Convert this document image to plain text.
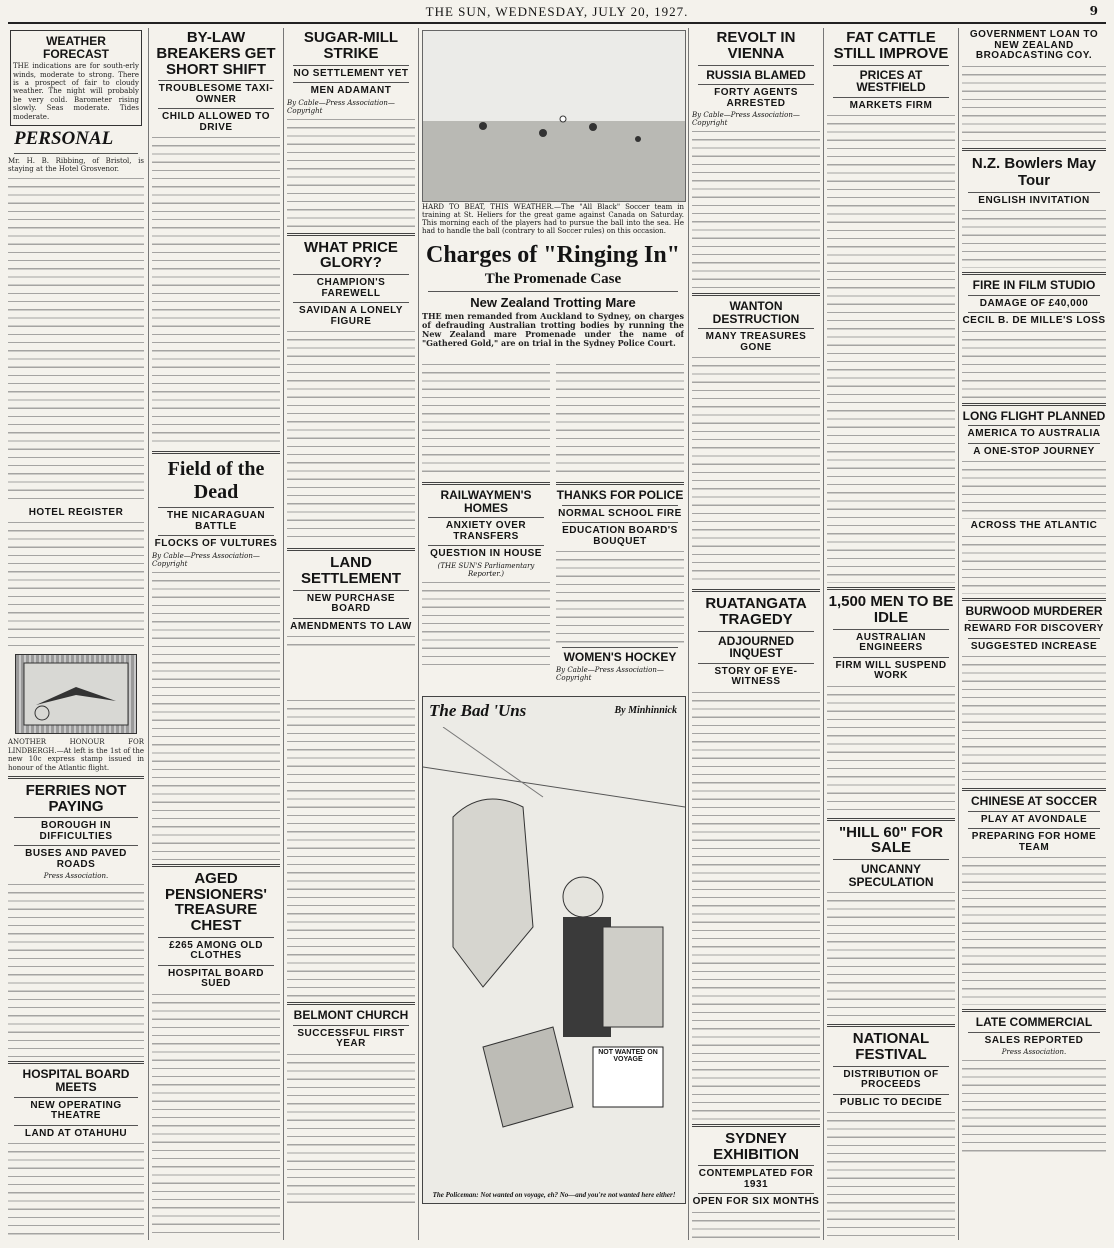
THE SUN, WEDNESDAY, JULY 20, 1927.	9
WEATHER FORECAST
THE indications are for south-erly winds, moderate to strong. There is a prospect of fair to cloudy weather. The night will probably be very cold. Barometer rising slowly. Seas moderate. Tides moderate.
PERSONAL
Mr. H. B. Ribbing, of Bristol, is staying at the Hotel Grosvenor.
HOTEL REGISTER
ANOTHER HONOUR FOR LINDBERGH.—At left is the 1st of the new 10c express stamp issued in honour of the Atlantic flight.
FERRIES NOT PAYING
BOROUGH IN DIFFICULTIES
BUSES AND PAVED ROADS
Press Association.
HOSPITAL BOARD MEETS
NEW OPERATING THEATRE
LAND AT OTAHUHU
BY-LAW BREAKERS GET SHORT SHIFT
TROUBLESOME TAXI-OWNER
CHILD ALLOWED TO DRIVE
Field of the Dead
THE NICARAGUAN BATTLE
FLOCKS OF VULTURES
By Cable—Press Association—Copyright
AGED PENSIONERS' TREASURE CHEST
£265 AMONG OLD CLOTHES
HOSPITAL BOARD SUED
SUGAR-MILL STRIKE
NO SETTLEMENT YET
MEN ADAMANT
By Cable—Press Association—Copyright
WHAT PRICE GLORY?
CHAMPION'S FAREWELL
SAVIDAN A LONELY FIGURE
LAND SETTLEMENT
NEW PURCHASE BOARD
AMENDMENTS TO LAW
HARD TO BEAT, THIS WEATHER.—The "All Black" Soccer team in training at St. Heliers for the great game against Canada on Saturday. This morning each of the players had to pursue the ball into the sea. He had to handle the ball (contrary to all Soccer rules) on this occasion.
Charges of "Ringing In"
The Promenade Case
New Zealand Trotting Mare
THE men remanded from Auckland to Sydney, on charges of defrauding Australian trotting bodies by running the New Zealand mare Promenade under the name of "Gathered Gold," are on trial in the Sydney Police Court.
RAILWAYMEN'S HOMES
ANXIETY OVER TRANSFERS
QUESTION IN HOUSE
(THE SUN'S Parliamentary Reporter.)
THANKS FOR POLICE
NORMAL SCHOOL FIRE
EDUCATION BOARD'S BOUQUET
WOMEN'S HOCKEY
By Cable—Press Association—Copyright
The Bad 'Uns	By Minhinnick
NOT WANTED ON VOYAGE
The Policeman: Not wanted on voyage, eh? No—and you're not wanted here either!
BELMONT CHURCH
SUCCESSFUL FIRST YEAR
REVOLT IN VIENNA
RUSSIA BLAMED
FORTY AGENTS ARRESTED
By Cable—Press Association—Copyright
WANTON DESTRUCTION
MANY TREASURES GONE
RUATANGATA TRAGEDY
ADJOURNED INQUEST
STORY OF EYE-WITNESS
SYDNEY EXHIBITION
CONTEMPLATED FOR 1931
OPEN FOR SIX MONTHS
FAT CATTLE STILL IMPROVE
PRICES AT WESTFIELD
MARKETS FIRM
1,500 MEN TO BE IDLE
AUSTRALIAN ENGINEERS
FIRM WILL SUSPEND WORK
"HILL 60" FOR SALE
UNCANNY SPECULATION
NATIONAL FESTIVAL
DISTRIBUTION OF PROCEEDS
PUBLIC TO DECIDE
GOVERNMENT LOAN TO NEW ZEALAND BROADCASTING COY.
N.Z. Bowlers May Tour
ENGLISH INVITATION
FIRE IN FILM STUDIO
DAMAGE OF £40,000
CECIL B. DE MILLE'S LOSS
LONG FLIGHT PLANNED
AMERICA TO AUSTRALIA
A ONE-STOP JOURNEY
ACROSS THE ATLANTIC
BURWOOD MURDERER
REWARD FOR DISCOVERY
SUGGESTED INCREASE
CHINESE AT SOCCER
PLAY AT AVONDALE
PREPARING FOR HOME TEAM
LATE COMMERCIAL
SALES REPORTED
Press Association.
